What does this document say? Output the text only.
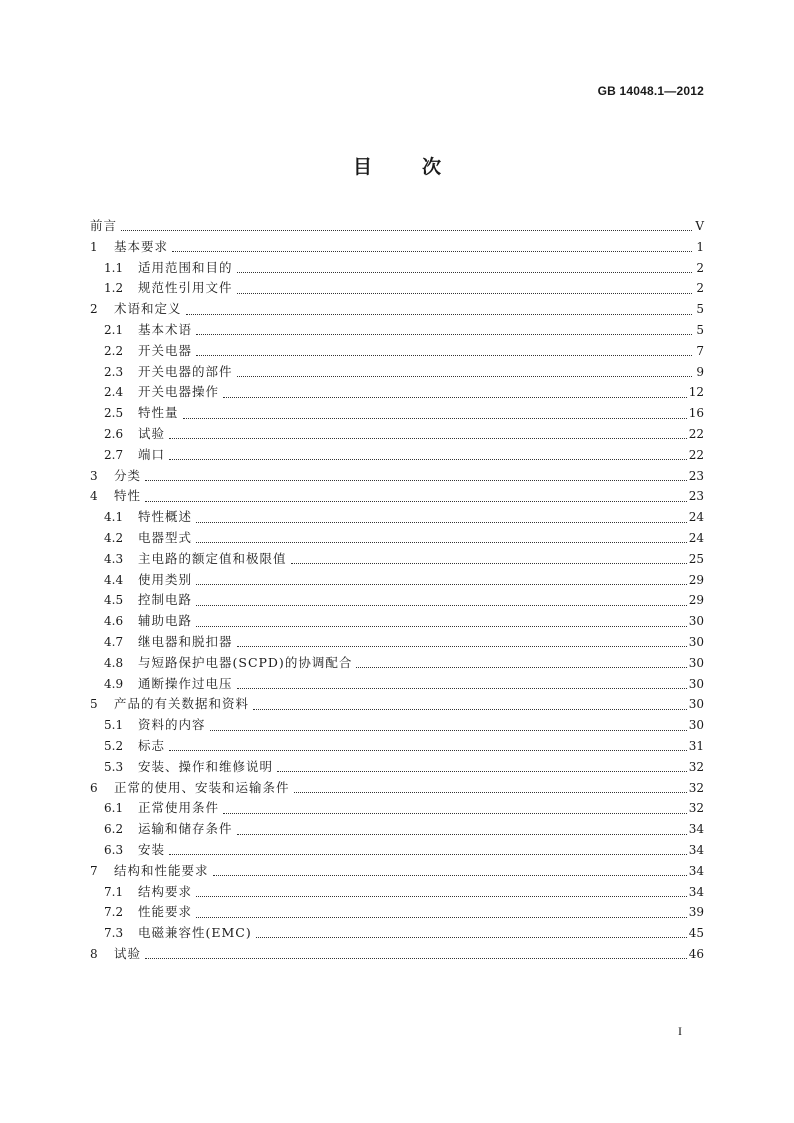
GB 14048.1—2012
目	次
前言	V
1	基本要求	1
1.1	适用范围和目的	2
1.2	规范性引用文件	2
2	术语和定义	5
2.1	基本术语	5
2.2	开关电器	7
2.3	开关电器的部件	9
2.4	开关电器操作	12
2.5	特性量	16
2.6	试验	22
2.7	端口	22
3	分类	23
4	特性	23
4.1	特性概述	24
4.2	电器型式	24
4.3	主电路的额定值和极限值	25
4.4	使用类别	29
4.5	控制电路	29
4.6	辅助电路	30
4.7	继电器和脱扣器	30
4.8	与短路保护电器(SCPD)的协调配合	30
4.9	通断操作过电压	30
5	产品的有关数据和资料	30
5.1	资料的内容	30
5.2	标志	31
5.3	安装、操作和维修说明	32
6	正常的使用、安装和运输条件	32
6.1	正常使用条件	32
6.2	运输和储存条件	34
6.3	安装	34
7	结构和性能要求	34
7.1	结构要求	34
7.2	性能要求	39
7.3	电磁兼容性(EMC)	45
8	试验	46
I
